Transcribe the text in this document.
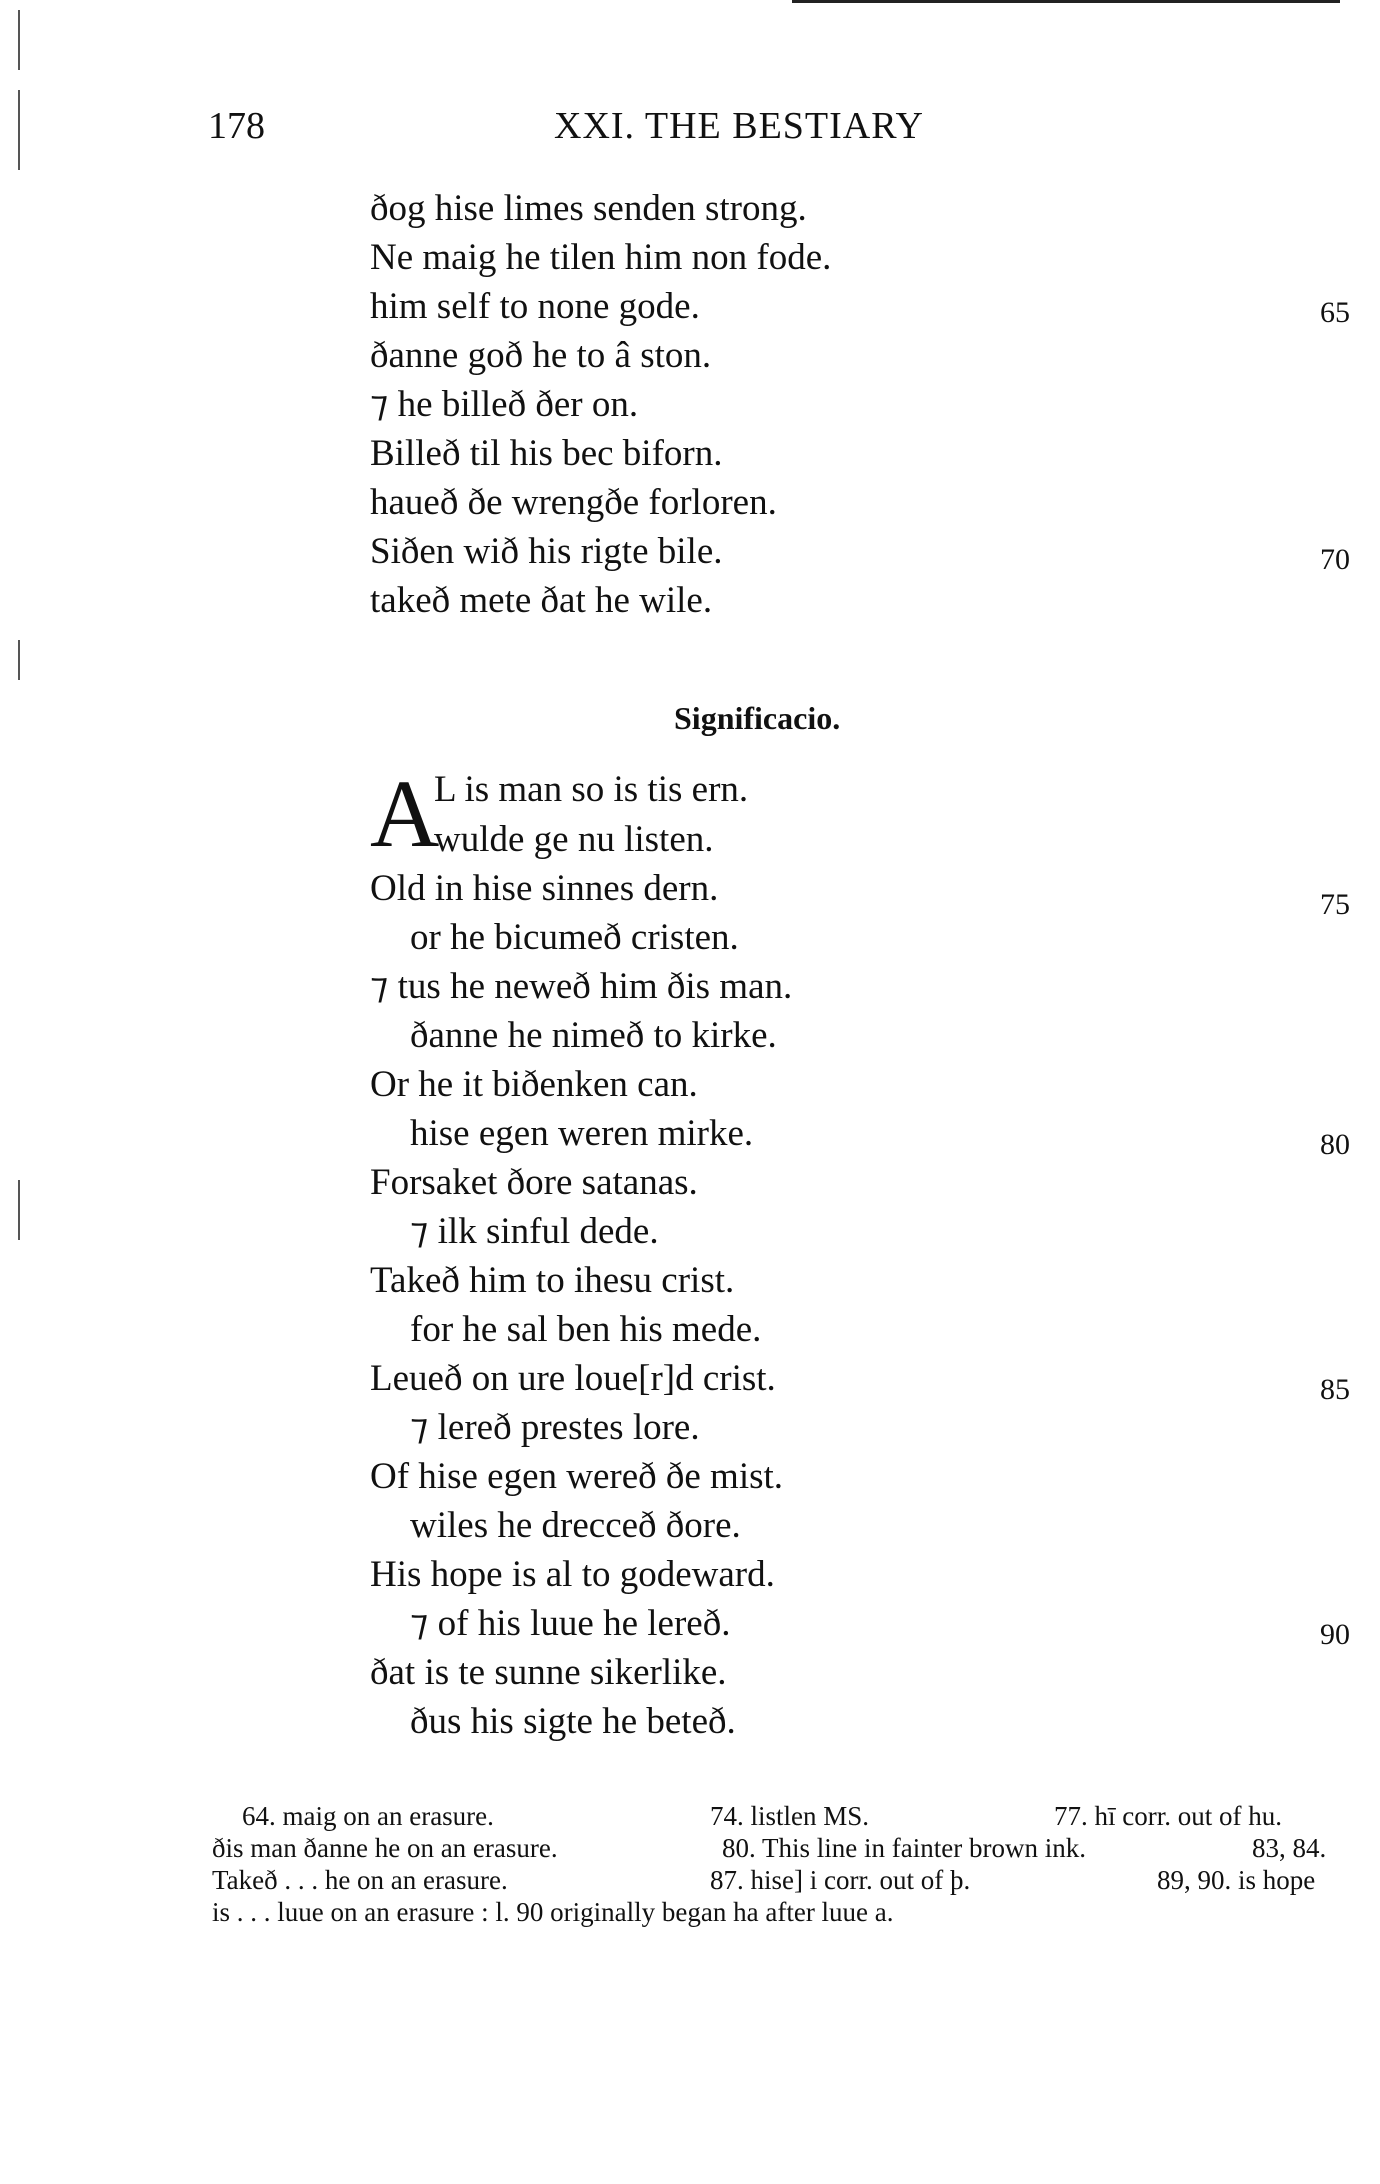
178	XXI. THE BESTIARY
ðog hise limes senden strong.
Ne maig he tilen him non fode.
him self to none gode.	65
ðanne goð he to â ston.
⁊ he billeð ðer on.
Billeð til his bec biforn.
haueð ðe wrengðe forloren.
Siðen wið his rigte bile.	70
takeð mete ðat he wile.
Significacio.
A
L is man so is tis ern.
wulde ge nu listen.
Old in hise sinnes dern.	75
or he bicumeð cristen.
⁊ tus he neweð him ðis man.
ðanne he nimeð to kirke.
Or he it biðenken can.
hise egen weren mirke.	80
Forsaket ðore satanas.
⁊ ilk sinful dede.
Takeð him to ihesu crist.
for he sal ben his mede.
Leueð on ure loue[r]d crist.	85
⁊ lereð prestes lore.
Of hise egen wereð ðe mist.
wiles he drecceð ðore.
His hope is al to godeward.
⁊ of his luue he lereð.	90
ðat is te sunne sikerlike.
ðus his sigte he beteð.
64. maig on an erasure.	74. listlen MS.	77. hī corr. out of hu.
ðis man ðanne he on an erasure.	80. This line in fainter brown ink.	83, 84.
Takeð . . . he on an erasure.	87. hise] i corr. out of þ.	89, 90. is hope
is . . . luue on an erasure : l. 90 originally began ha after luue a.
